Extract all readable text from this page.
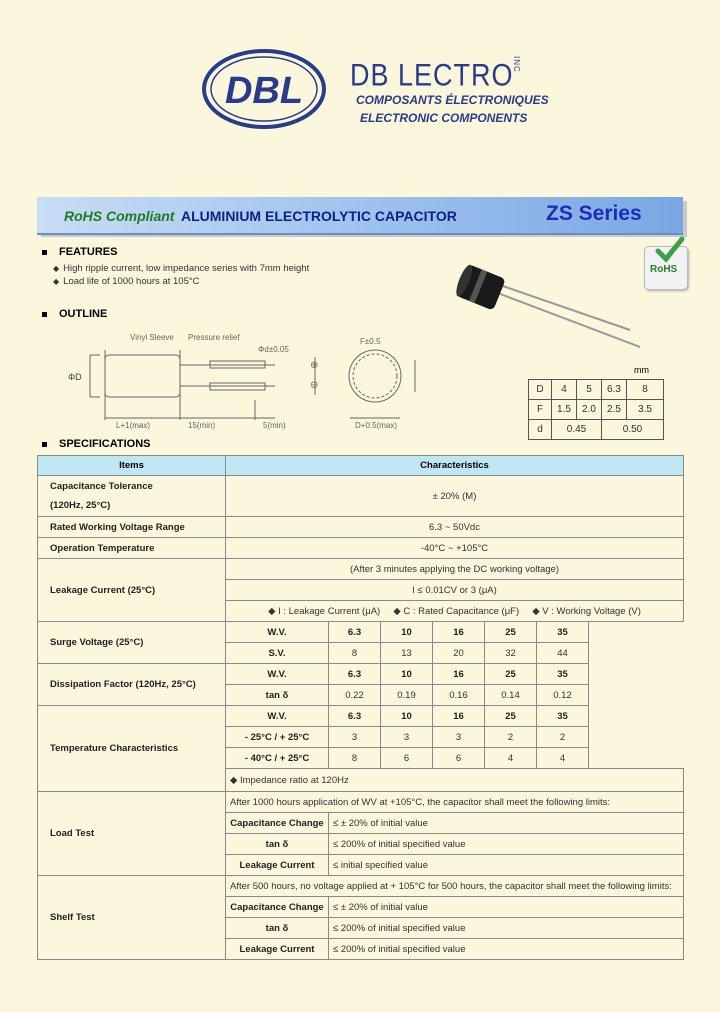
DBL DB LECTRO
INC
COMPOSANTS ÉLECTRONIQUES
ELECTRONIC COMPONENTS
RoHS Compliant ALUMINIUM ELECTROLYTIC CAPACITOR	ZS Series
FEATURES
◆ High ripple current, low impedance series with 7mm height
◆ Load life of 1000 hours at 105°C
RoHS
OUTLINE
⊕
⊖
ΦD
Vinyl Sleeve Pressure relief
L+1(max)	15(min)	5(min)	D+0.5(max)
Φd±0.05
F±0.5
mm
D	4	5	6.3	8
F	1.5	2.0	2.5	3.5
d	0.45		0.50	
SPECIFICATIONS
Items	Characteristics						
Capacitance Tolerance
(120Hz, 25°C)	± 20% (M)						
Rated Working Voltage Range	6.3 ~ 50Vdc						
Operation Temperature	-40°C ~ +105°C						
Leakage Current (25°C)	(After 3 minutes applying the DC working voltage)						
	I ≤ 0.01CV or 3 (μA)						
	◆ I : Leakage Current (μA)     ◆ C : Rated Capacitance (μF)     ◆ V : Working Voltage (V)						
Surge Voltage (25°C)	W.V.	6.3	10	16	25	35	
	S.V.	8	13	20	32	44	
Dissipation Factor (120Hz, 25°C)	W.V.	6.3	10	16	25	35	
	tan δ	0.22	0.19	0.16	0.14	0.12	
Temperature Characteristics	W.V.	6.3	10	16	25	35	
	- 25°C / + 25°C	3	3	3	2	2	
	- 40°C / + 25°C	8	6	6	4	4	
	◆ Impedance ratio at 120Hz						
Load Test	After 1000 hours application of WV at +105°C, the capacitor shall meet the following limits:						
	Capacitance Change	≤ ± 20% of initial value					
	tan δ	≤ 200% of initial specified value					
	Leakage Current	≤ initial specified value					
Shelf Test	After 500 hours, no voltage applied at + 105°C for 500 hours, the capacitor shall meet the following limits:						
	Capacitance Change	≤ ± 20% of initial value					
	tan δ	≤ 200% of initial specified value					
	Leakage Current	≤ 200% of initial specified value					
